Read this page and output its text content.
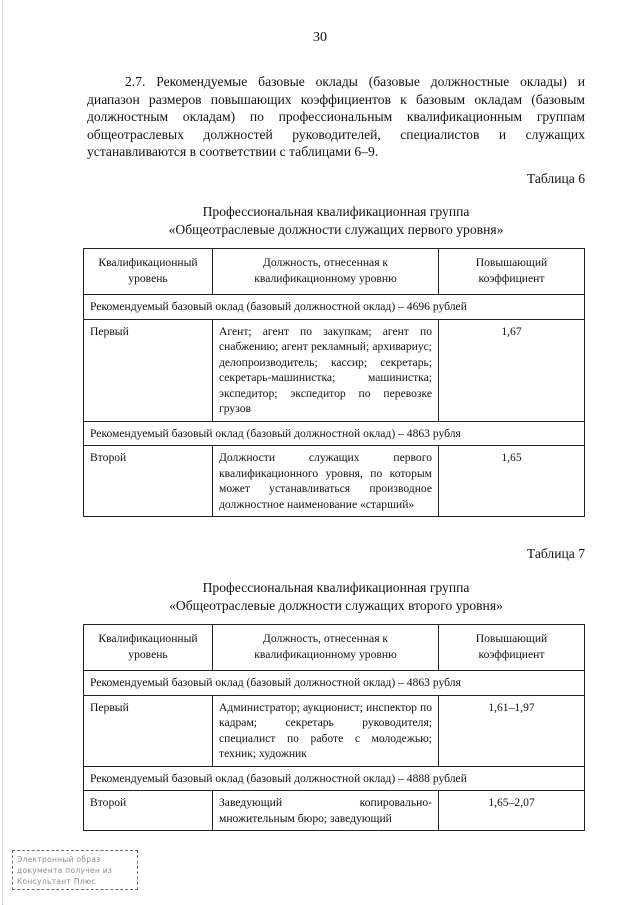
30

2.7. Рекомендуемые базовые оклады (базовые должностные оклады) и диапазон размеров повышающих коэффициентов к базовым окладам (базовым должностным окладам) по профессиональным квалификационным группам общеотраслевых должностей руководителей, специалистов и служащих устанавливаются в соответствии с таблицами 6–9.

Таблица 6
Профессиональная квалификационная группа
«Общеотраслевые должности служащих первого уровня»
Квалификационный уровень	Должность, отнесенная к квалификационному уровню	Повышающий коэффициент
Рекомендуемый базовый оклад (базовый должностной оклад) – 4696 рублей		
Первый	Агент; агент по закупкам; агент по снабжению; агент рекламный; архивариус; делопроизводитель; кассир; секретарь; секретарь-машинистка; машинистка; экспедитор; экспедитор по перевозке грузов	1,67
Рекомендуемый базовый оклад (базовый должностной оклад) – 4863 рубля		
Второй	Должности служащих первого квалификационного уровня, по которым может устанавливаться производное должностное наименование «старший»	1,65
Таблица 7
Профессиональная квалификационная группа
«Общеотраслевые должности служащих второго уровня»
Квалификационный уровень	Должность, отнесенная к квалификационному уровню	Повышающий коэффициент
Рекомендуемый базовый оклад (базовый должностной оклад) – 4863 рубля		
Первый	Администратор; аукционист; инспектор по кадрам; секретарь руководителя; специалист по работе с молодежью; техник; художник	1,61–1,97
Рекомендуемый базовый оклад (базовый должностной оклад) – 4888 рублей		
Второй	Заведующий копировально-множительным бюро; заведующий	1,65–2,07
Электронный образ
документа получен из
Консультант Плюс
